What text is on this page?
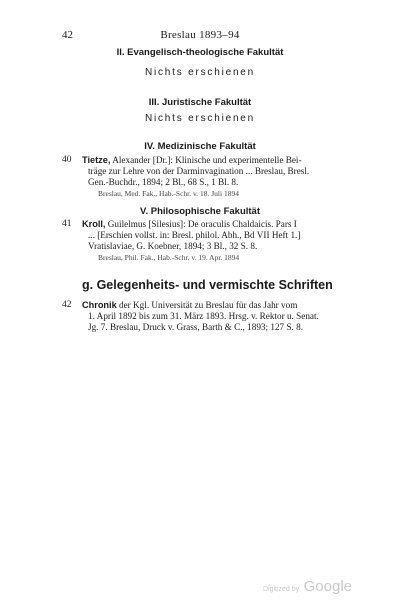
42	Breslau 1893–94
II. Evangelisch-theologische Fakultät
Nichts erschienen
III. Juristische Fakultät
Nichts erschienen
IV. Medizinische Fakultät
40 Tietze, Alexander [Dr.]: Klinische und experimentelle Bei-
träge zur Lehre von der Darminvagination ... Breslau, Bresl.
Gen.-Buchdr., 1894; 2 Bl., 68 S., 1 Bl. 8.
Breslau, Med. Fak., Hab.-Schr. v. 18. Juli 1894
V. Philosophische Fakultät
41 Kroll, Guilelmus [Silesius]: De oraculis Chaldaicis. Pars I
... [Erschien vollst. in: Bresl. philol. Abh., Bd VII Heft 1.]
Vratislaviae, G. Koebner, 1894; 3 Bl., 32 S. 8.
Breslau, Phil. Fak., Hab.-Schr. v. 19. Apr. 1894
g. Gelegenheits- und vermischte Schriften
42 Chronik der Kgl. Universität zu Breslau für das Jahr vom
1. April 1892 bis zum 31. März 1893. Hrsg. v. Rektor u. Senat.
Jg. 7. Breslau, Druck v. Grass, Barth & C., 1893; 127 S. 8.
Digitized by Google
